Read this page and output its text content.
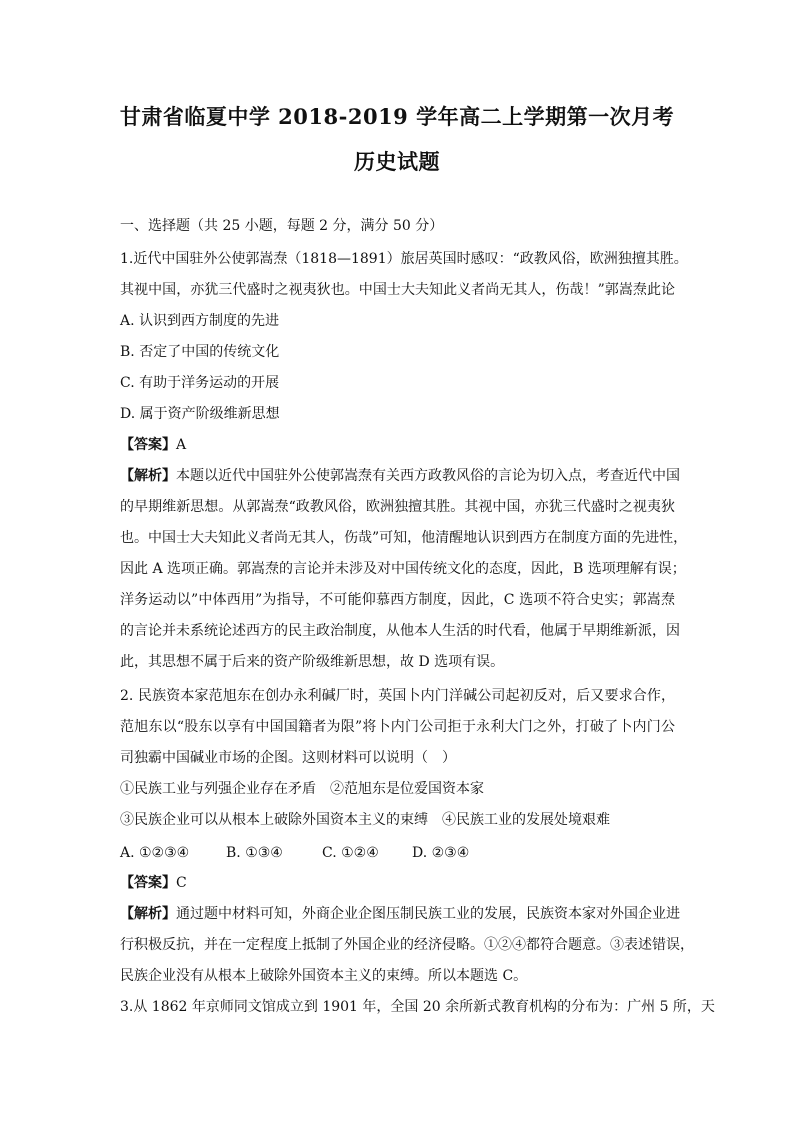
甘肃省临夏中学 2018-2019 学年高二上学期第一次月考
历史试题
一、选择题（共 25 小题，每题 2 分，满分 50 分）
1.近代中国驻外公使郭嵩焘（1818—1891）旅居英国时感叹：“政教风俗，欧洲独擅其胜。
其视中国，亦犹三代盛时之视夷狄也。中国士大夫知此义者尚无其人，伤哉！”郭嵩焘此论
A. 认识到西方制度的先进
B. 否定了中国的传统文化
C. 有助于洋务运动的开展
D. 属于资产阶级维新思想
【答案】A
【解析】本题以近代中国驻外公使郭嵩焘有关西方政教风俗的言论为切入点，考查近代中国
的早期维新思想。从郭嵩焘“政教风俗，欧洲独擅其胜。其视中国，亦犹三代盛时之视夷狄
也。中国士大夫知此义者尚无其人，伤哉”可知，他清醒地认识到西方在制度方面的先进性，
因此 A 选项正确。郭嵩焘的言论并未涉及对中国传统文化的态度，因此，B 选项理解有误；
洋务运动以”中体西用”为指导，不可能仰慕西方制度，因此，C 选项不符合史实；郭嵩焘
的言论并未系统论述西方的民主政治制度，从他本人生活的时代看，他属于早期维新派，因
此，其思想不属于后来的资产阶级维新思想，故 D 选项有误。
2. 民族资本家范旭东在创办永利碱厂时，英国卜内门洋碱公司起初反对，后又要求合作，
范旭东以“股东以享有中国国籍者为限”将卜内门公司拒于永利大门之外，打破了卜内门公
司独霸中国碱业市场的企图。这则材料可以说明（　）
①民族工业与列强企业存在矛盾　②范旭东是位爱国资本家
③民族企业可以从根本上破除外国资本主义的束缚　④民族工业的发展处境艰难
A. ①②③④	B. ①③④	C. ①②④ D. ②③④
【答案】C
【解析】通过题中材料可知，外商企业企图压制民族工业的发展，民族资本家对外国企业进
行积极反抗，并在一定程度上抵制了外国企业的经济侵略。①②④都符合题意。③表述错误，
民族企业没有从根本上破除外国资本主义的束缚。所以本题选 C。
3.从 1862 年京师同文馆成立到 1901 年，全国 20 余所新式教育机构的分布为：广州 5 所，天
